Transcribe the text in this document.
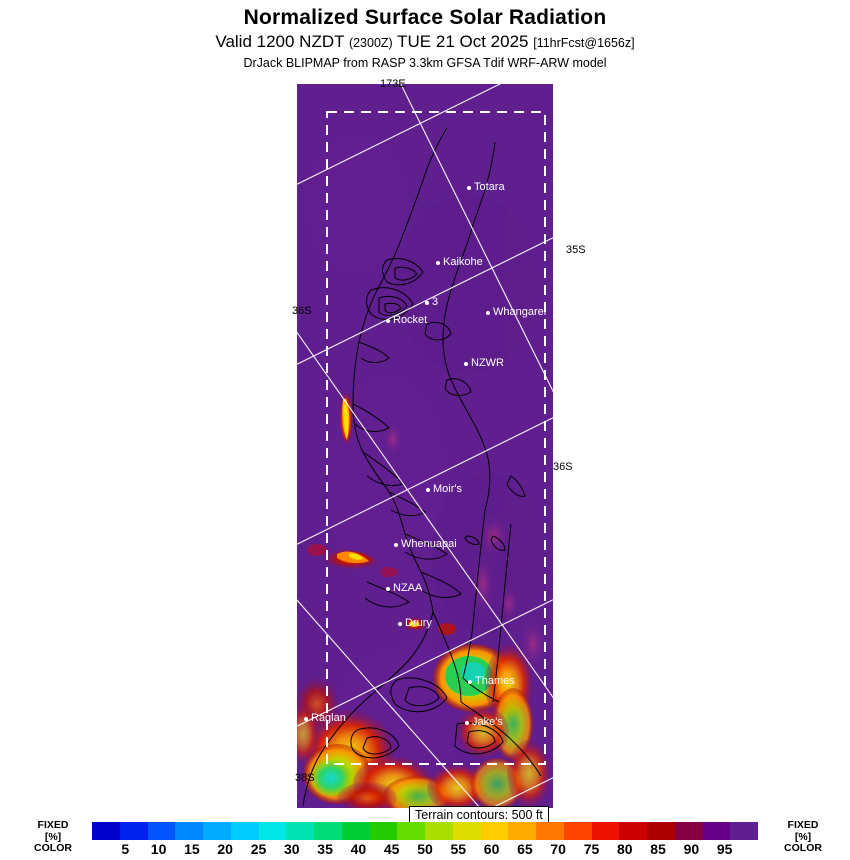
Normalized Surface Solar Radiation
Valid 1200 NZDT (2300Z) TUE 21 Oct 2025 [11hrFcst@1656z]
DrJack BLIPMAP from RASP 3.3km GFSA Tdif WRF-ARW model
Totara
Kaikohe
3
Whangarei
Rocket
NZWR
Moir's
Whenuapai
NZAA
Drury
Thames
Raglan	Jake's
173E
35S
36S
36S
38S
Terrain contours: 500 ft
FIXED
[%]
COLOR
FIXED
[%]
COLOR
5 10 15 20 25 30 35 40 45 50 55 60 65 70 75 80 85 90 95
